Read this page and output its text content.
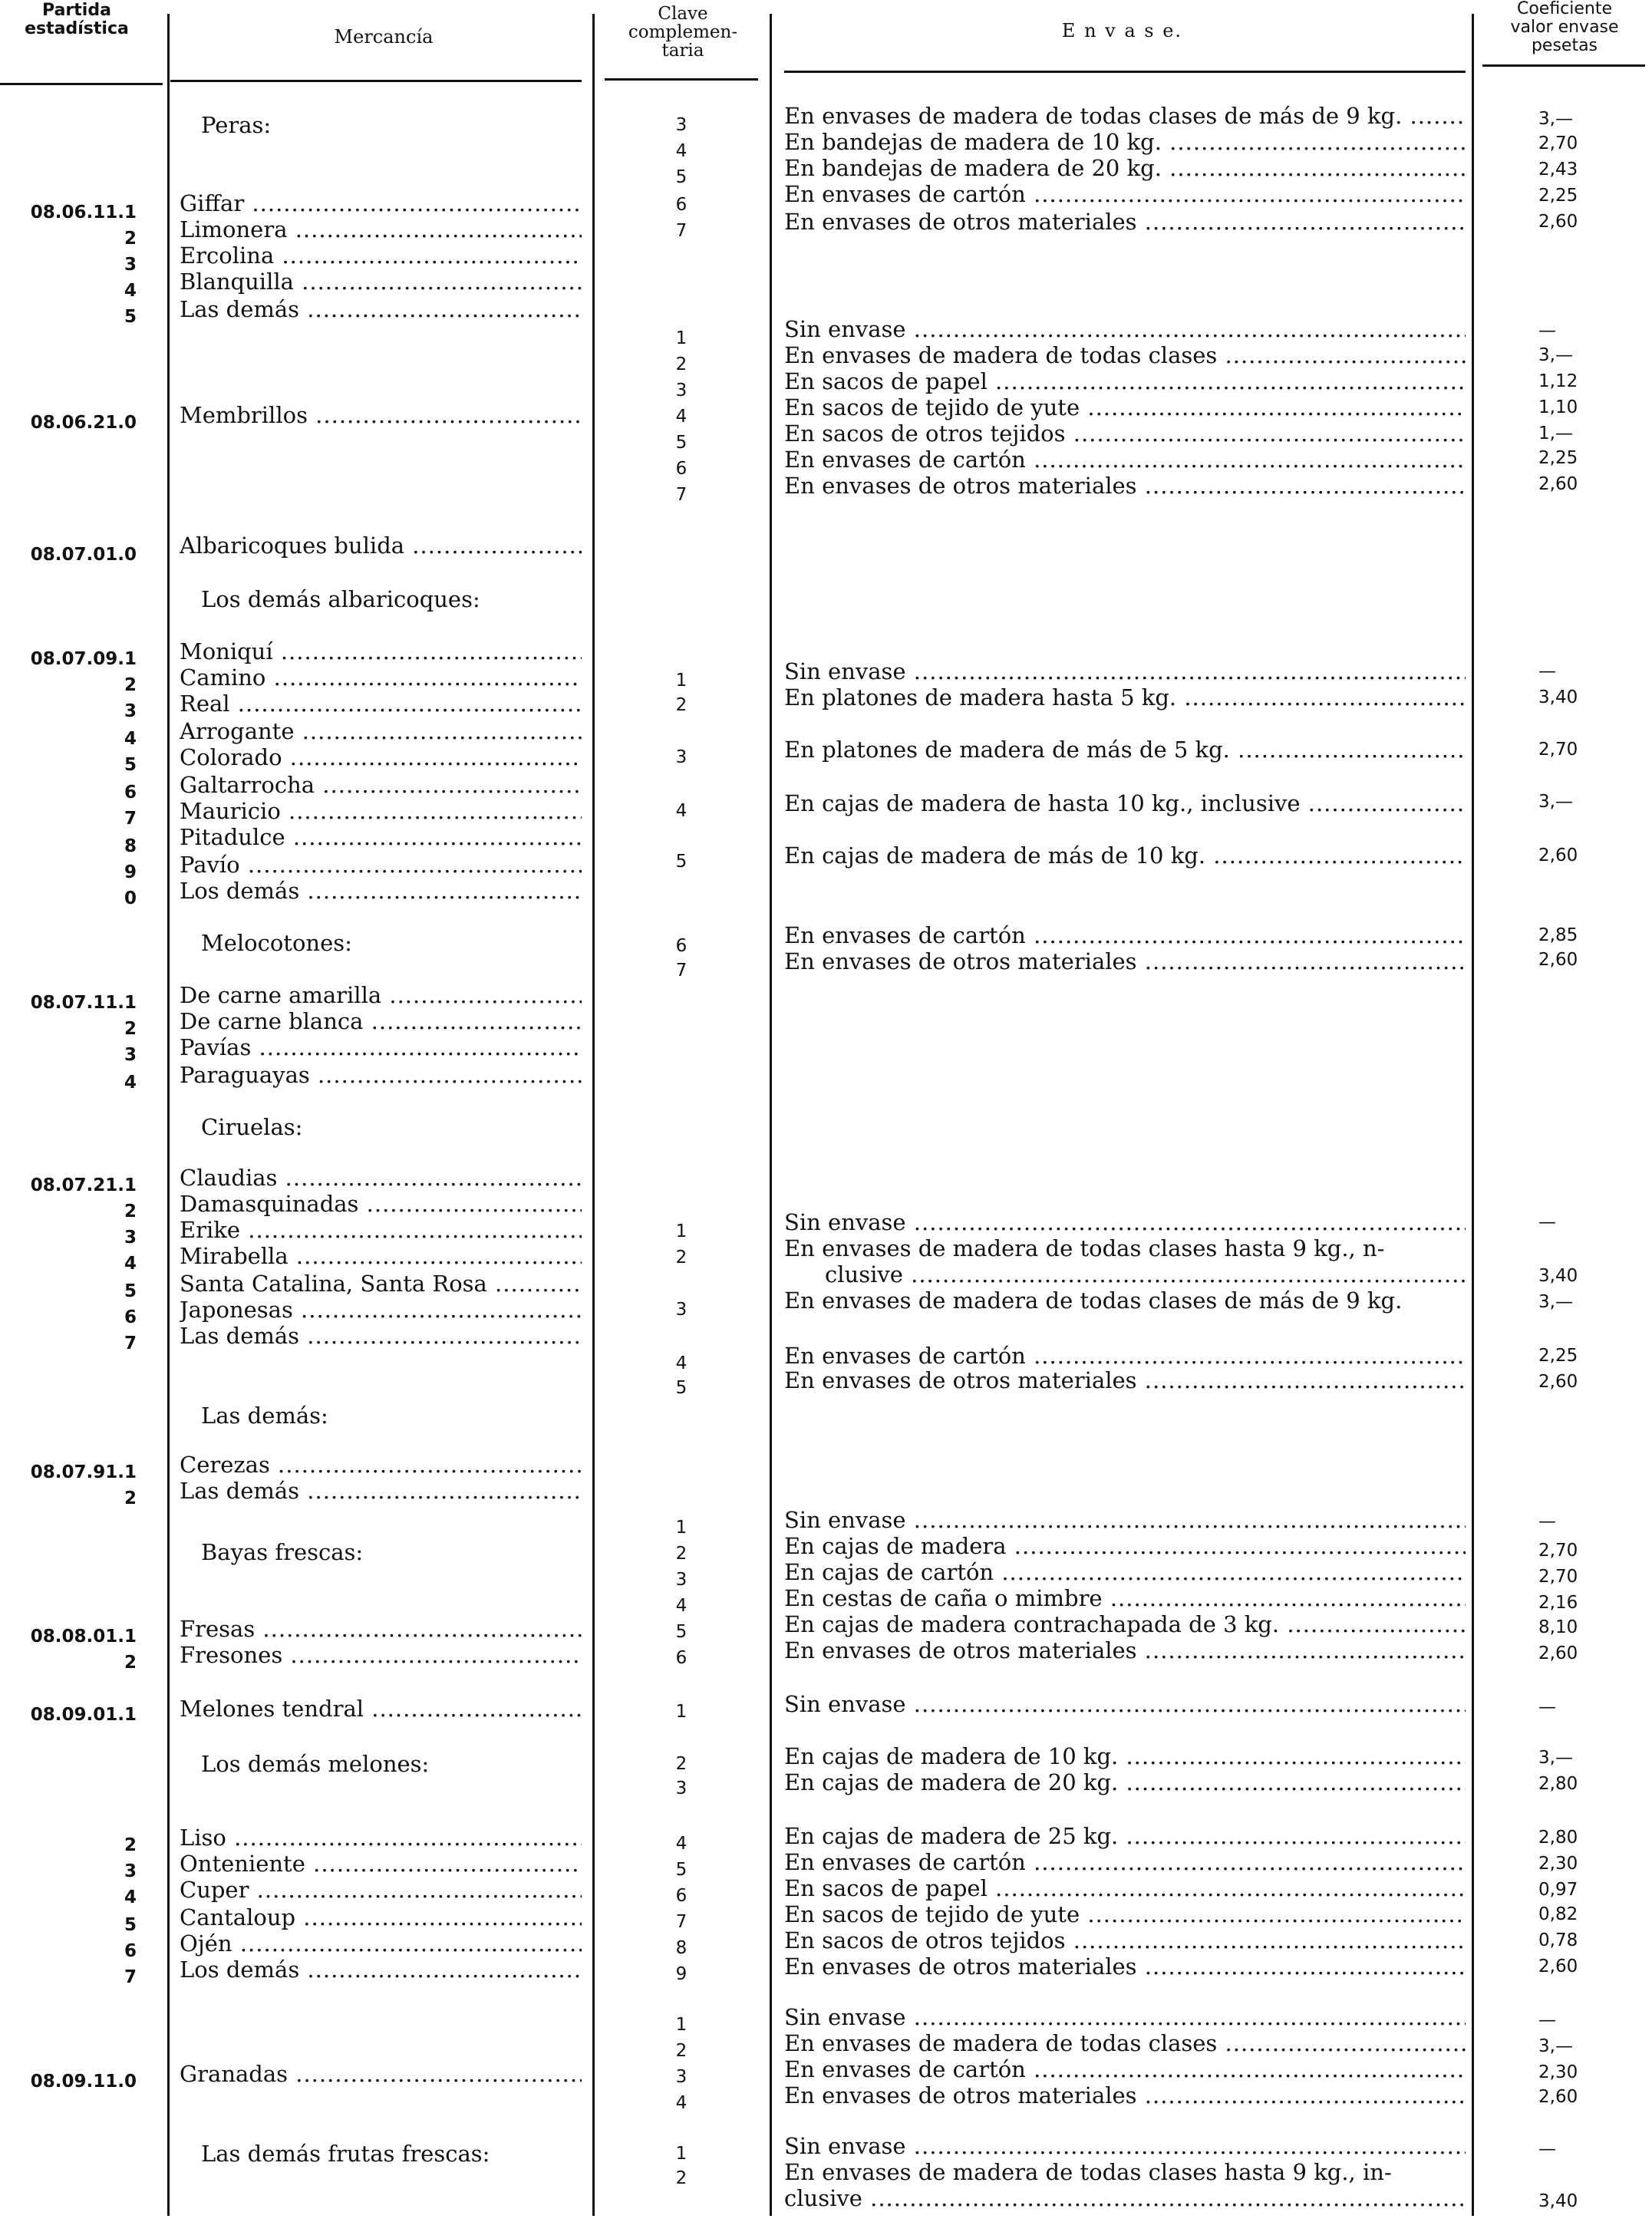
Partida
estadística	Mercancía
Clave
complemen-
taria
E n v a s e.
Coeficiente
valor envase
pesetas
08.06.11.1
2
3
4
5
08.06.21.0
08.07.01.0
08.07.09.1
2
3
4
5
6
7
8
9
0
08.07.11.1
2
3
4
08.07.21.1
2
3
4
5
6
7
08.07.91.1
2
08.08.01.1
2
08.09.01.1
2
3
4
5
6
7
08.09.11.0
Peras:
Los demás albaricoques:
Melocotones:
Ciruelas:
Las demás:
Bayas frescas:
Los demás melones:
Las demás frutas frescas:
Giffar .....
Limonera .....
Ercolina .....
Blanquilla .....
Las demás .....
Membrillos .....
Albaricoques bulida .....
Moniquí .....
Camino .....
Real .....
Arrogante .....
Colorado .....
Galtarrocha .....
Mauricio .....
Pitadulce .....
Pavío .....
Los demás .....
De carne amarilla .....
De carne blanca .....
Pavías .....
Paraguayas .....
Claudias .....
Damasquinadas .....
Erike .....
Mirabella .....
Santa Catalina, Santa Rosa .....
Japonesas .....
Las demás .....
Cerezas .....
Las demás .....
Fresas .....
Fresones .....
Melones tendral .....
Liso .....
Onteniente .....
Cuper .....
Cantaloup .....
Ojén .....
Los demás .....
Granadas .....
3
4
5
6
7
1
2
3
4
5
6
7
1
2
3
4
5
6
7
1
2
3
4
5
1
2
3
4
5
6
1
2
3
4
5
6
7
8
9
1
2
3
4
1
2
En envases de madera de todas clases de más de 9 kg. .....
En bandejas de madera de 10 kg. .....
En bandejas de madera de 20 kg. .....
En envases de cartón .....
En envases de otros materiales .....
Sin envase .....
En envases de madera de todas clases .....
En sacos de papel .....
En sacos de tejido de yute .....
En sacos de otros tejidos .....
En envases de cartón .....
En envases de otros materiales .....
Sin envase .....
En platones de madera hasta 5 kg. .....
En platones de madera de más de 5 kg. .....
En cajas de madera de hasta 10 kg., inclusive .....
En cajas de madera de más de 10 kg. .....
En envases de cartón .....
En envases de otros materiales .....
Sin envase .....
En envases de madera de todas clases hasta 9 kg., n-
clusive .....
En envases de madera de todas clases de más de 9 kg.
En envases de cartón .....
En envases de otros materiales .....
Sin envase .....
En cajas de madera .....
En cajas de cartón .....
En cestas de caña o mimbre .....
En cajas de madera contrachapada de 3 kg. .....
En envases de otros materiales .....
Sin envase .....
En cajas de madera de 10 kg. .....
En cajas de madera de 20 kg. .....
En cajas de madera de 25 kg. .....
En envases de cartón .....
En sacos de papel .....
En sacos de tejido de yute .....
En sacos de otros tejidos .....
En envases de otros materiales .....
Sin envase .....
En envases de madera de todas clases .....
En envases de cartón .....
En envases de otros materiales .....
Sin envase .....
En envases de madera de todas clases hasta 9 kg., in-
clusive .....
3,—
2,70
2,43
2,25
2,60
—
3,—
1,12
1,10
1,—
2,25
2,60
—
3,40
2,70
3,—
2,60
2,85
2,60
—
3,40
3,—
2,25
2,60
—
2,70
2,70
2,16
8,10
2,60
—
3,—
2,80
2,80
2,30
0,97
0,82
0,78
2,60
—
3,—
2,30
2,60
—
3,40
